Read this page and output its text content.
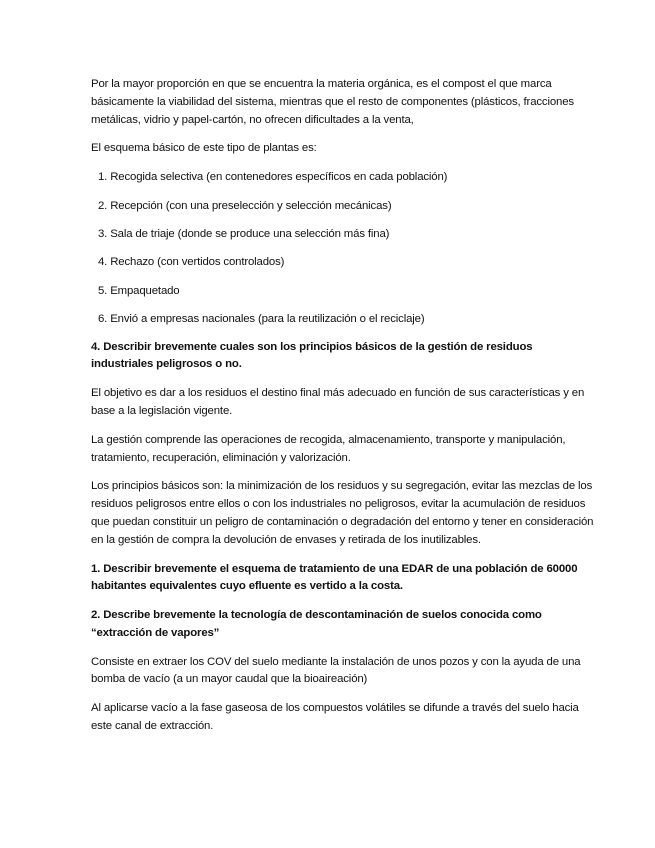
Por la mayor proporción en que se encuentra la materia orgánica, es el compost el que marca básicamente la viabilidad del sistema, mientras que el resto de componentes (plásticos, fracciones metálicas, vidrio y papel-cartón, no ofrecen dificultades a la venta,

El esquema básico de este tipo de plantas es:

1. Recogida selectiva (en contenedores específicos en cada población)
2. Recepción (con una preselección y selección mecánicas)
3. Sala de triaje (donde se produce una selección más fina)
4. Rechazo (con vertidos controlados)
5. Empaquetado
6. Envió a empresas nacionales (para la reutilización o el reciclaje)

4. Describir brevemente cuales son los principios básicos de la gestión de residuos industriales peligrosos o no.

El objetivo es dar a los residuos el destino final más adecuado en función de sus características y en base a la legislación vigente.

La gestión comprende las operaciones de recogida, almacenamiento, transporte y manipulación, tratamiento, recuperación, eliminación y valorización.

Los principios básicos son: la minimización de los residuos y su segregación, evitar las mezclas de los residuos peligrosos entre ellos o con los industriales no peligrosos, evitar la acumulación de residuos que puedan constituir un peligro de contaminación o degradación del entorno y tener en consideración en la gestión de compra la devolución de envases y retirada de los inutilizables.

1. Describir brevemente el esquema de tratamiento de una EDAR de una población de 60000 habitantes equivalentes cuyo efluente es vertido a la costa.

2. Describe brevemente la tecnología de descontaminación de suelos conocida como “extracción de vapores”

Consiste en extraer los COV del suelo mediante la instalación de unos pozos y con la ayuda de una bomba de vacío (a un mayor caudal que la bioaireación)

Al aplicarse vacío a la fase gaseosa de los compuestos volátiles se difunde a través del suelo hacia este canal de extracción.
